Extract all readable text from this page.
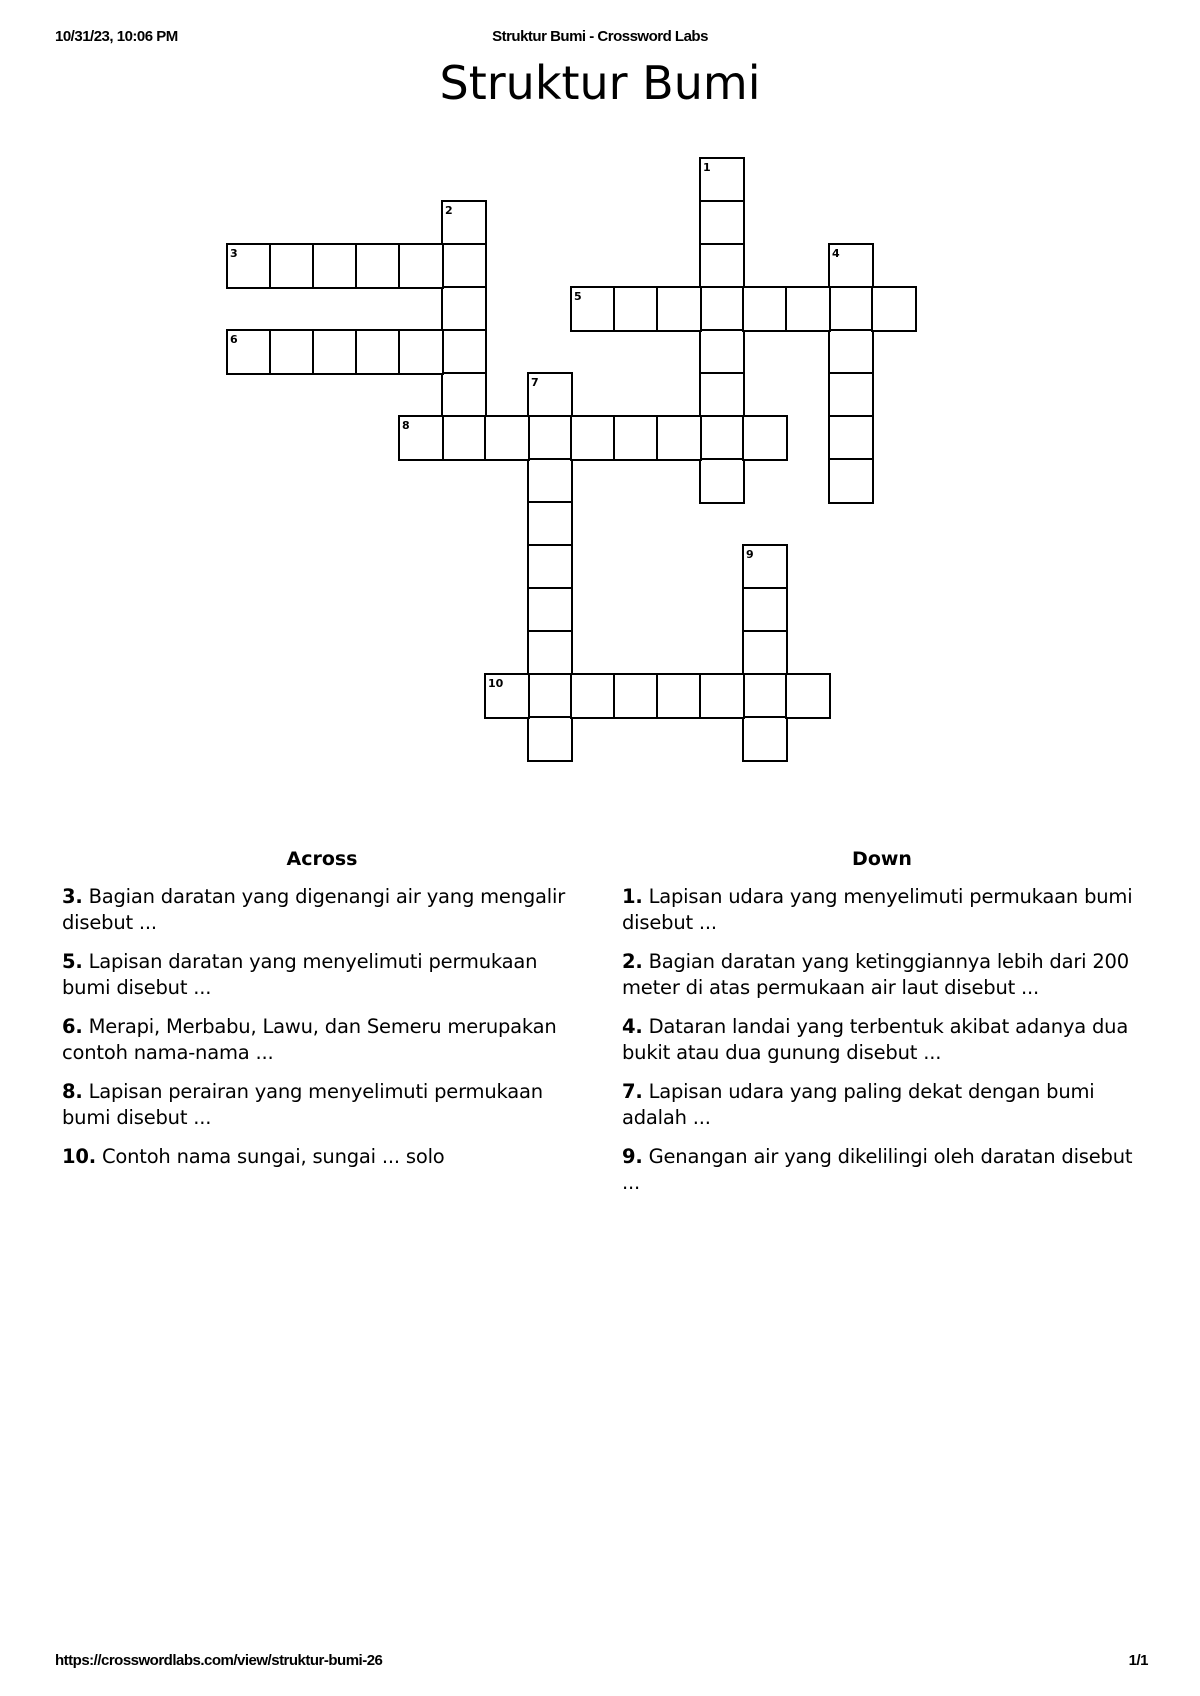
10/31/23, 10:06 PM	Struktur Bumi - Crossword Labs
Struktur Bumi
1
2
3	4
5
6
7
8
9
10
Across
3. Bagian daratan yang digenangi air yang mengalir disebut ...
5. Lapisan daratan yang menyelimuti permukaan bumi disebut ...
6. Merapi, Merbabu, Lawu, dan Semeru merupakan contoh nama-nama ...
8. Lapisan perairan yang menyelimuti permukaan bumi disebut ...
10. Contoh nama sungai, sungai ... solo
Down
1. Lapisan udara yang menyelimuti permukaan bumi disebut ...
2. Bagian daratan yang ketinggiannya lebih dari 200 meter di atas permukaan air laut disebut ...
4. Dataran landai yang terbentuk akibat adanya dua bukit atau dua gunung disebut ...
7. Lapisan udara yang paling dekat dengan bumi adalah ...
9. Genangan air yang dikelilingi oleh daratan disebut ...
https://crosswordlabs.com/view/struktur-bumi-26	1/1
